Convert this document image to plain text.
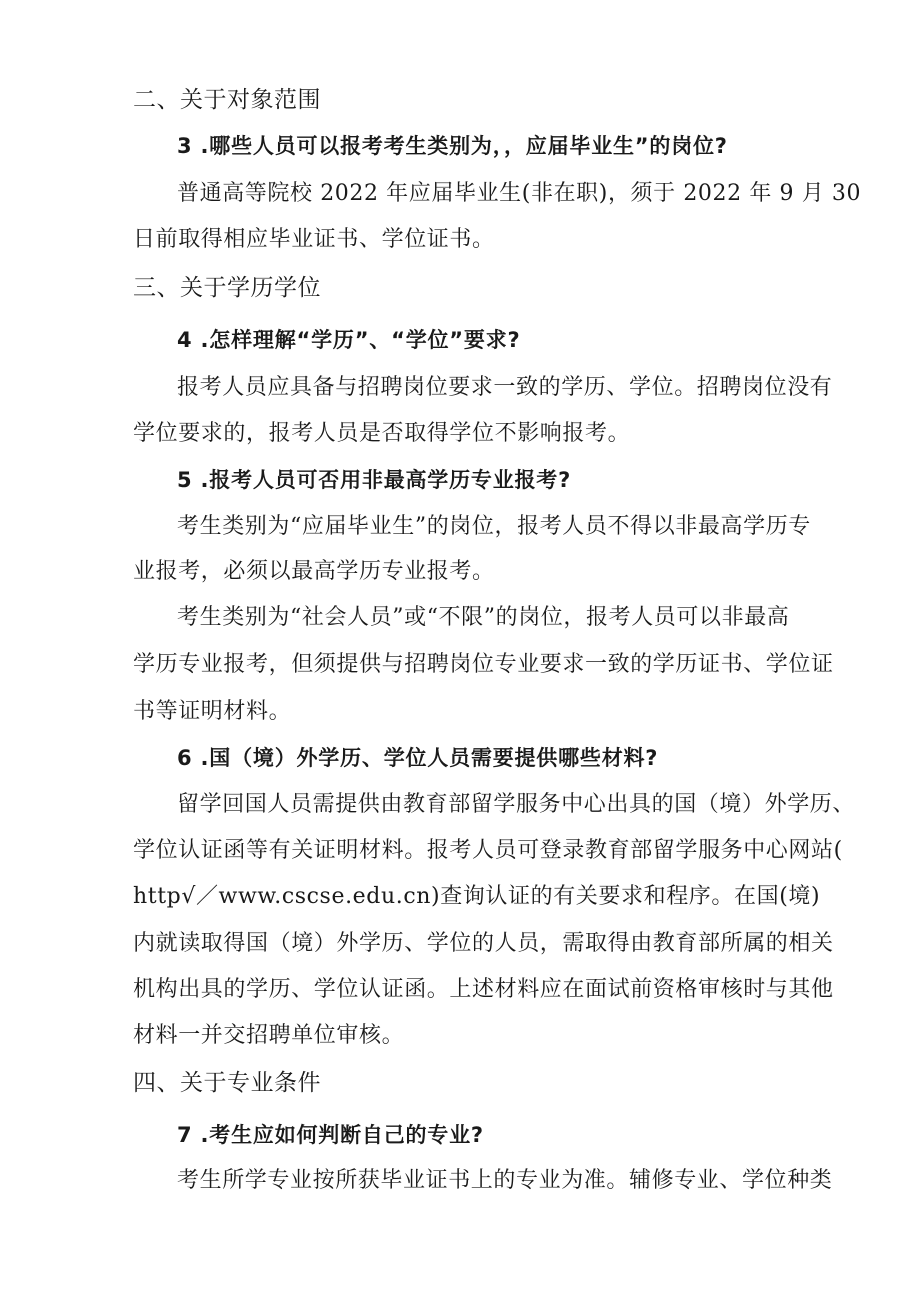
二、关于对象范围
3 .哪些人员可以报考考生类别为，，应届毕业生”的岗位?
普通高等院校 2022 年应届毕业生(非在职)，须于 2022 年 9 月 30
日前取得相应毕业证书、学位证书。
三、关于学历学位
4 .怎样理解“学历”、“学位”要求?
报考人员应具备与招聘岗位要求一致的学历、学位。招聘岗位没有
学位要求的，报考人员是否取得学位不影响报考。
5 .报考人员可否用非最高学历专业报考?
考生类别为“应届毕业生”的岗位，报考人员不得以非最高学历专
业报考，必须以最高学历专业报考。
考生类别为“社会人员”或“不限”的岗位，报考人员可以非最高
学历专业报考，但须提供与招聘岗位专业要求一致的学历证书、学位证
书等证明材料。
6 .国（境）外学历、学位人员需要提供哪些材料?
留学回国人员需提供由教育部留学服务中心出具的国（境）外学历、
学位认证函等有关证明材料。报考人员可登录教育部留学服务中心网站(
http√／www.cscse.edu.cn)查询认证的有关要求和程序。在国(境)
内就读取得国（境）外学历、学位的人员，需取得由教育部所属的相关
机构出具的学历、学位认证函。上述材料应在面试前资格审核时与其他
材料一并交招聘单位审核。
四、关于专业条件
7 .考生应如何判断自己的专业?
考生所学专业按所获毕业证书上的专业为准。辅修专业、学位种类
